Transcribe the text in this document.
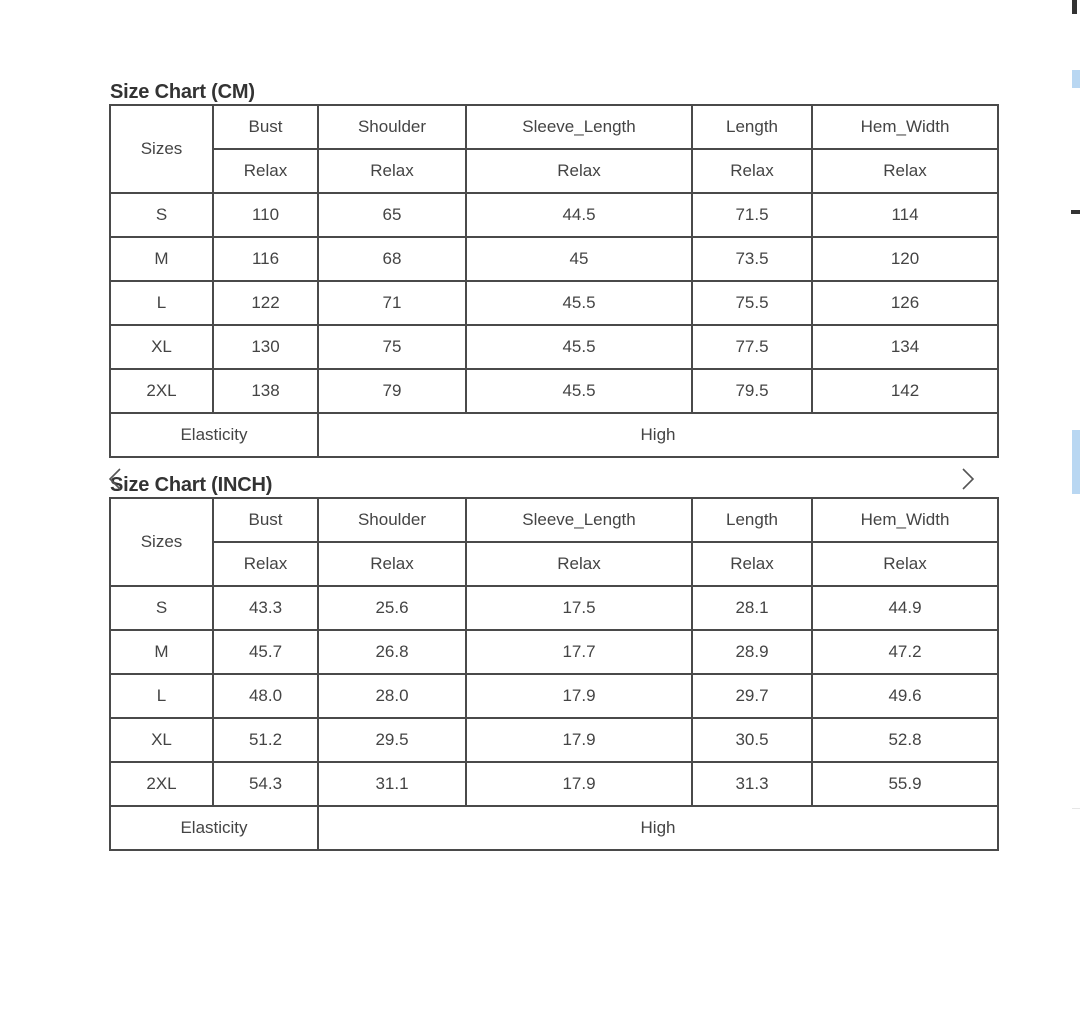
Size Chart (CM)
Sizes	Bust	Shoulder	Sleeve_Length	Length	Hem_Width
	Relax	Relax	Relax	Relax	Relax
S	110	65	44.5	71.5	114
M	116	68	45	73.5	120
L	122	71	45.5	75.5	126
XL	130	75	45.5	77.5	134
2XL	138	79	45.5	79.5	142
Elasticity		High			
Size Chart (INCH)
Sizes	Bust	Shoulder	Sleeve_Length	Length	Hem_Width
	Relax	Relax	Relax	Relax	Relax
S	43.3	25.6	17.5	28.1	44.9
M	45.7	26.8	17.7	28.9	47.2
L	48.0	28.0	17.9	29.7	49.6
XL	51.2	29.5	17.9	30.5	52.8
2XL	54.3	31.1	17.9	31.3	55.9
Elasticity		High			
